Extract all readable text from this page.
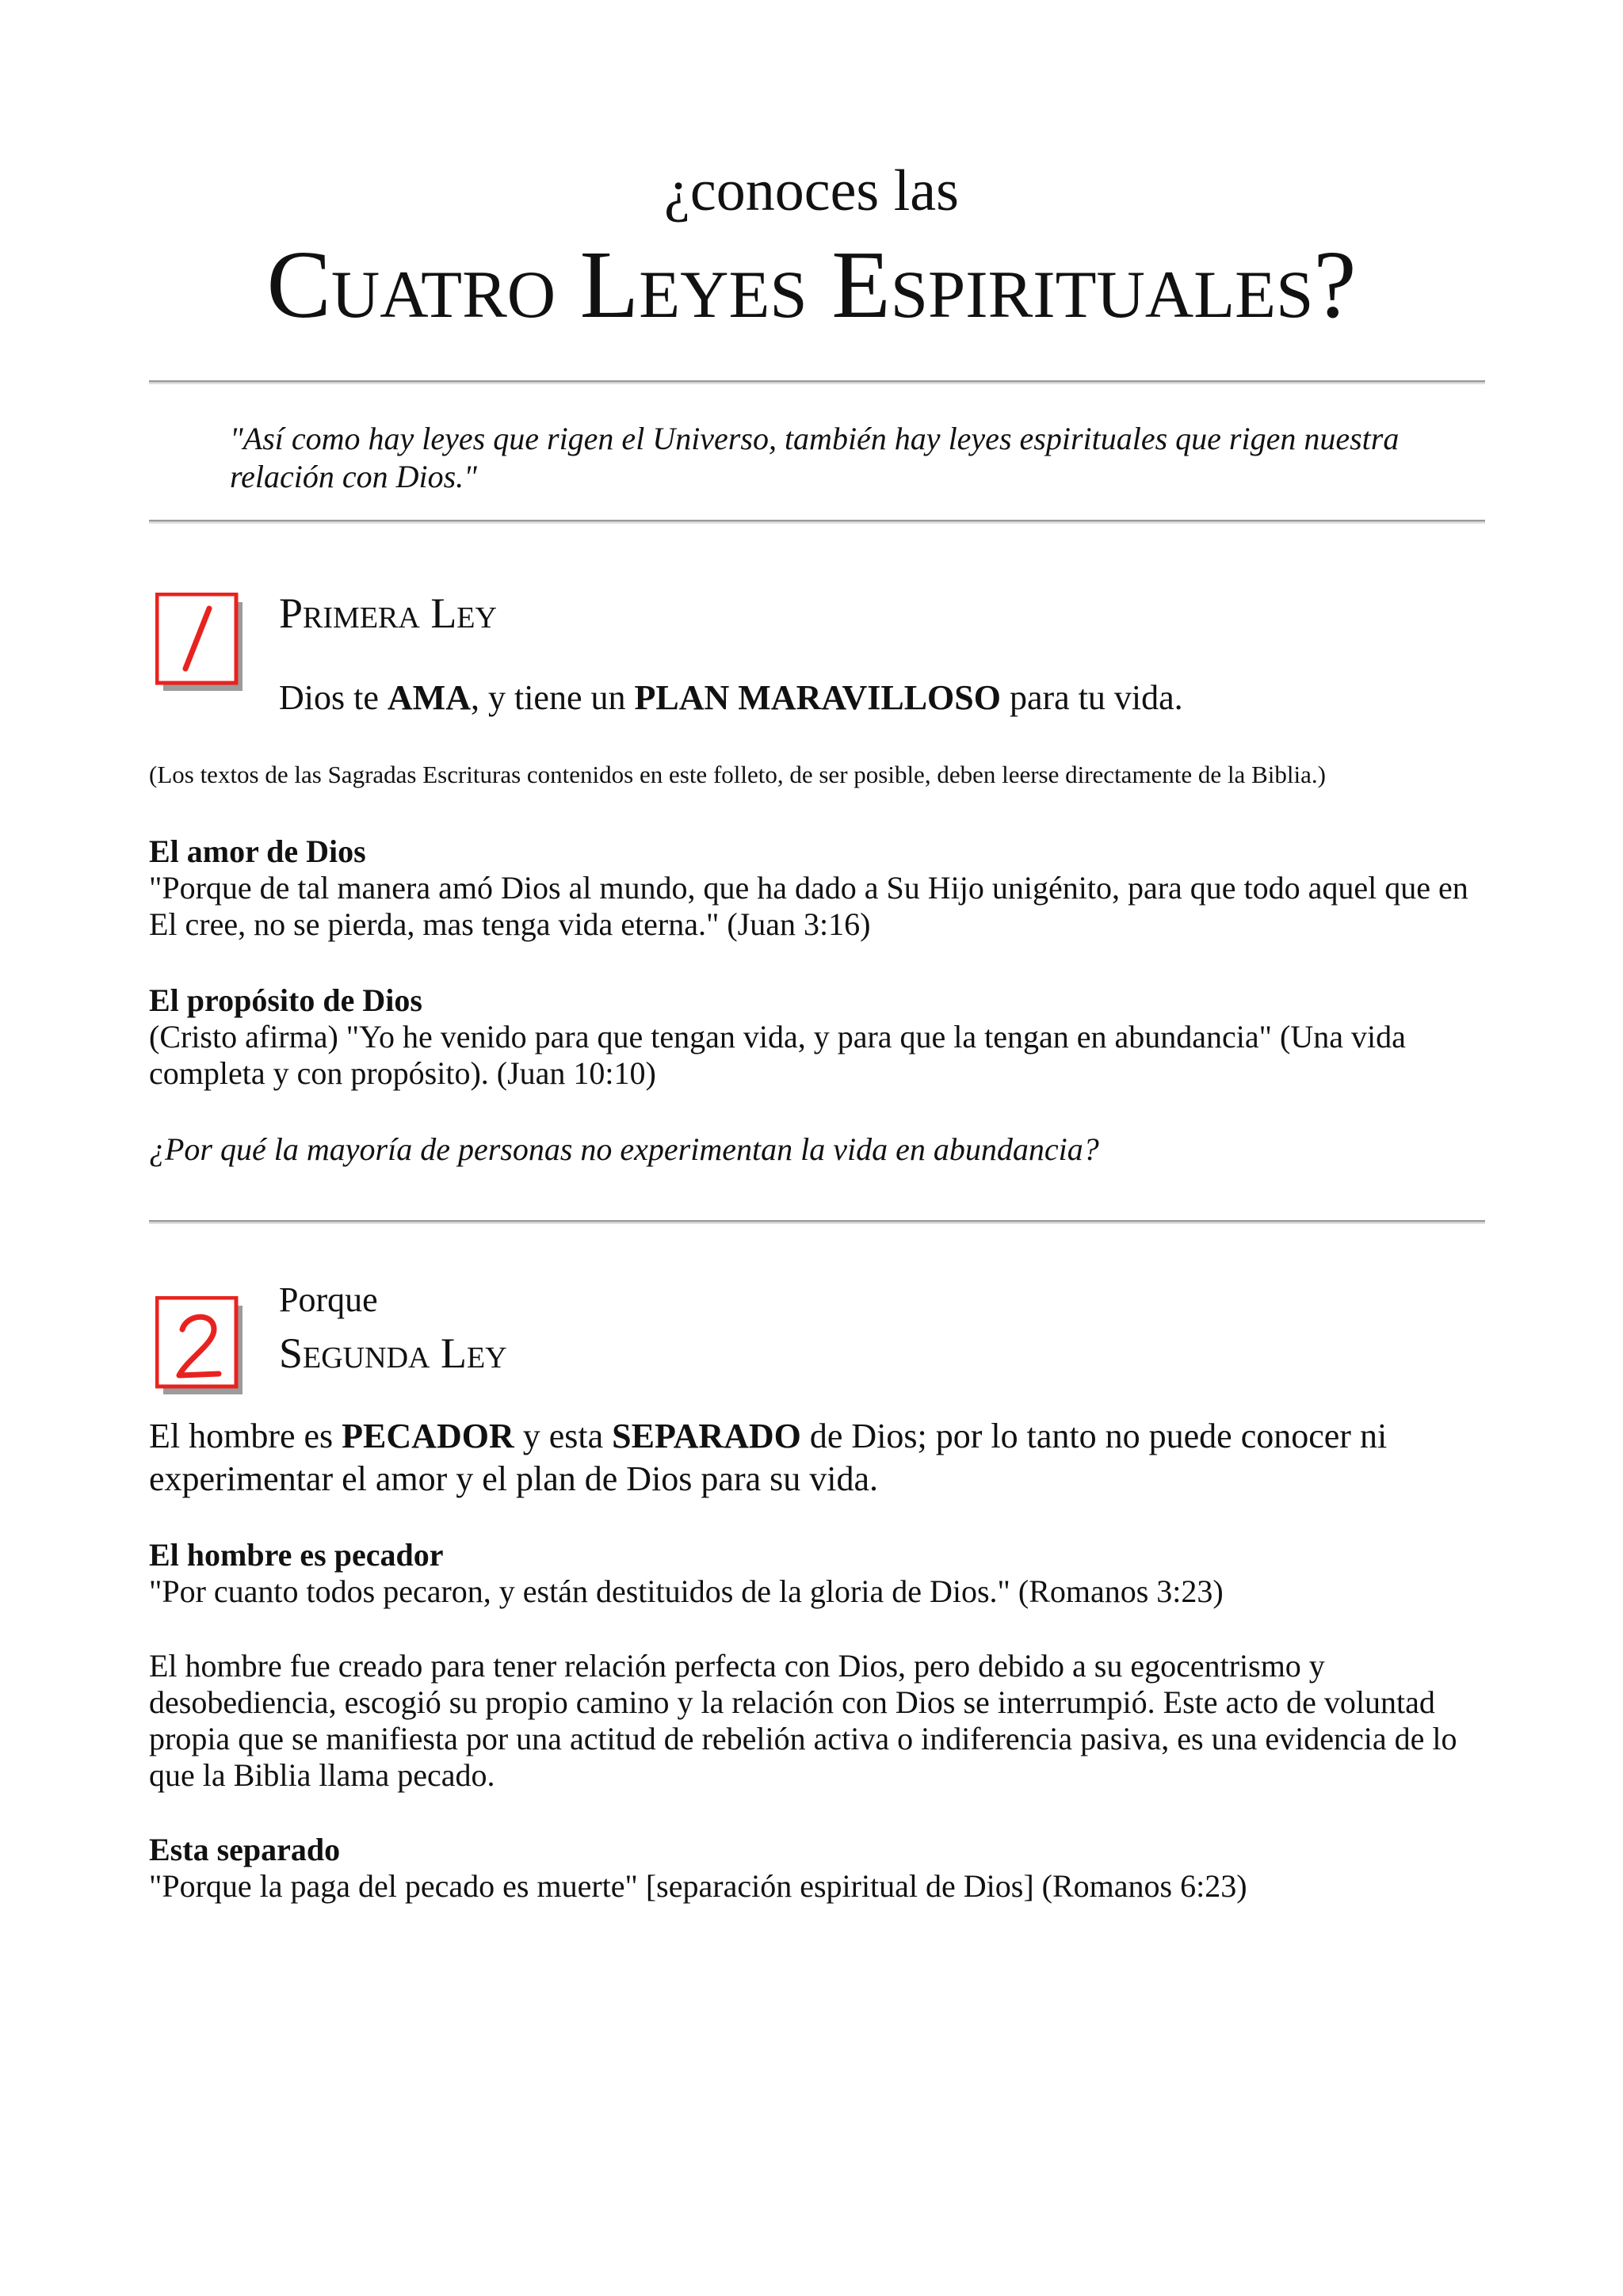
¿conoces las
Cuatro Leyes Espirituales?
"Así como hay leyes que rigen el Universo, también hay leyes espirituales que rigen nuestra relación con Dios."
Primera Ley
Dios te AMA, y tiene un PLAN MARAVILLOSO para tu vida.
(Los textos de las Sagradas Escrituras contenidos en este folleto, de ser posible, deben leerse directamente de la Biblia.)
El amor de Dios
"Porque de tal manera amó Dios al mundo, que ha dado a Su Hijo unigénito, para que todo aquel que en El cree, no se pierda, mas tenga vida eterna." (Juan 3:16)
El propósito de Dios
(Cristo afirma) "Yo he venido para que tengan vida, y para que la tengan en abundancia" (Una vida completa y con propósito). (Juan 10:10)
¿Por qué la mayoría de personas no experimentan la vida en abundancia?
Porque
Segunda Ley
El hombre es PECADOR y esta SEPARADO de Dios; por lo tanto no puede conocer ni experimentar el amor y el plan de Dios para su vida.
El hombre es pecador
"Por cuanto todos pecaron, y están destituidos de la gloria de Dios." (Romanos 3:23)
El hombre fue creado para tener relación perfecta con Dios, pero debido a su egocentrismo y desobediencia, escogió su propio camino y la relación con Dios se interrumpió. Este acto de voluntad propia que se manifiesta por una actitud de rebelión activa o indiferencia pasiva, es una evidencia de lo que la Biblia llama pecado.
Esta separado
"Porque la paga del pecado es muerte" [separación espiritual de Dios] (Romanos 6:23)
